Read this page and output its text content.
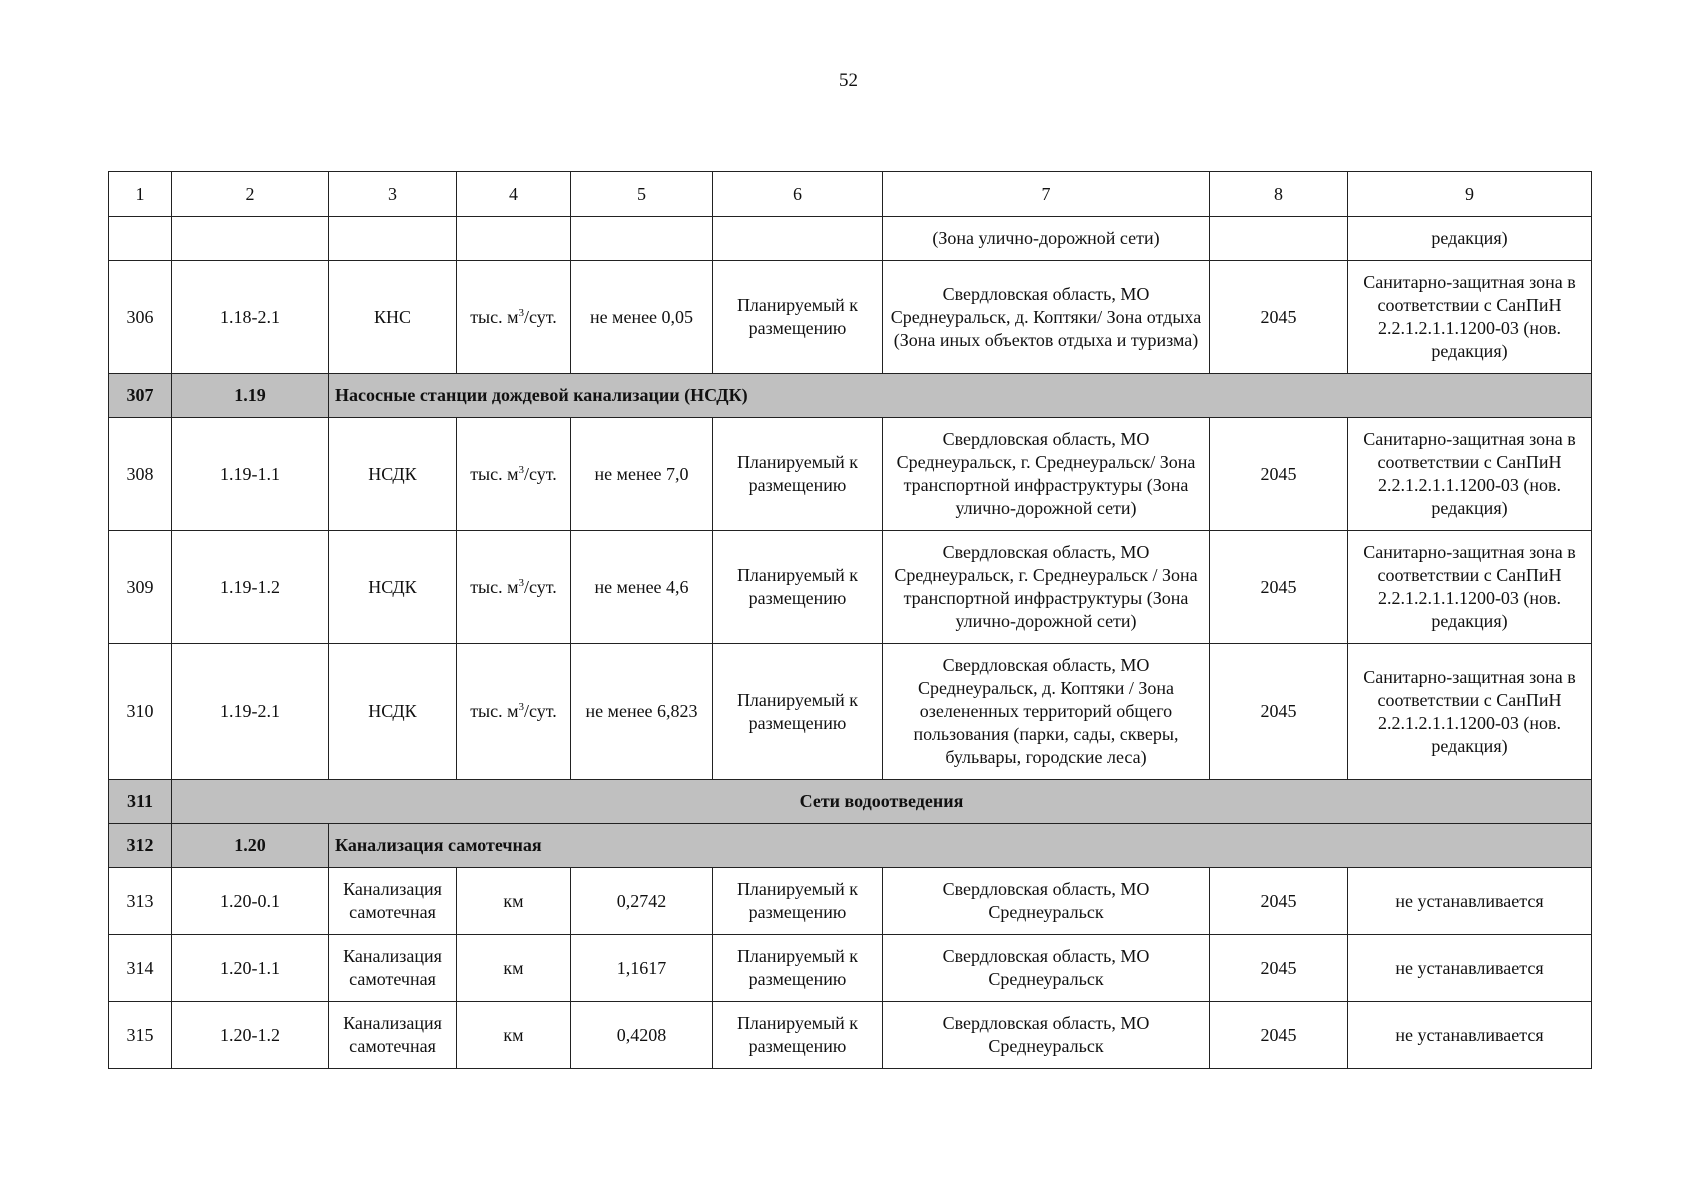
52
1	2	3	4	5	6	7	8	9
						(Зона улично-дорожной сети)		редакция)
306	1.18-2.1	КНС	тыс. $м^3$/сут.	не менее 0,05	Планируемый к размещению	Свердловская область, МО Среднеуральск, д. Коптяки/ Зона отдыха (Зона иных объектов отдыха и туризма)	2045	Санитарно-защитная зона в соответствии с СанПиН 2.2.1.2.1.1.1200-03 (нов. редакция)
307	1.19	Насосные станции дождевой канализации (НСДК)						
308	1.19-1.1	НСДК	тыс. $м^3$/сут.	не менее 7,0	Планируемый к размещению	Свердловская область, МО Среднеуральск, г. Среднеуральск/ Зона транспортной инфраструктуры (Зона улично-дорожной сети)	2045	Санитарно-защитная зона в соответствии с СанПиН 2.2.1.2.1.1.1200-03 (нов. редакция)
309	1.19-1.2	НСДК	тыс. $м^3$/сут.	не менее 4,6	Планируемый к размещению	Свердловская область, МО Среднеуральск, г. Среднеуральск / Зона транспортной инфраструктуры (Зона улично-дорожной сети)	2045	Санитарно-защитная зона в соответствии с СанПиН 2.2.1.2.1.1.1200-03 (нов. редакция)
310	1.19-2.1	НСДК	тыс. $м^3$/сут.	не менее 6,823	Планируемый к размещению	Свердловская область, МО Среднеуральск, д. Коптяки / Зона озелененных территорий общего пользования (парки, сады, скверы, бульвары, городские леса)	2045	Санитарно-защитная зона в соответствии с СанПиН 2.2.1.2.1.1.1200-03 (нов. редакция)
311	Сети водоотведения							
312	1.20	Канализация самотечная						
313	1.20-0.1	Канализация самотечная	км	0,2742	Планируемый к размещению	Свердловская область, МО Среднеуральск	2045	не устанавливается
314	1.20-1.1	Канализация самотечная	км	1,1617	Планируемый к размещению	Свердловская область, МО Среднеуральск	2045	не устанавливается
315	1.20-1.2	Канализация самотечная	км	0,4208	Планируемый к размещению	Свердловская область, МО Среднеуральск	2045	не устанавливается
